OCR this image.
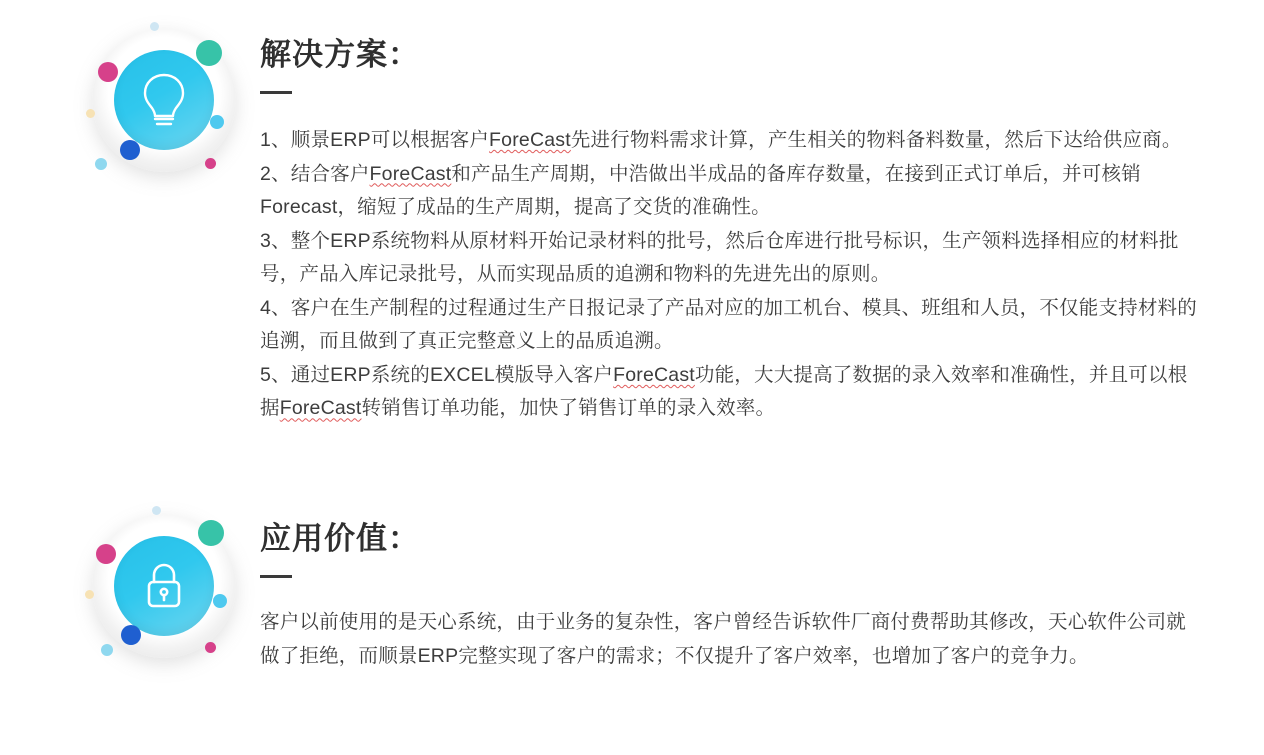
解决方案：

1、顺景ERP可以根据客户ForeCast先进行物料需求计算，产生相关的物料备料数量，然后下达给供应商。

2、结合客户ForeCast和产品生产周期，中浩做出半成品的备库存数量，在接到正式订单后，并可核销Forecast，缩短了成品的生产周期，提高了交货的准确性。

3、整个ERP系统物料从原材料开始记录材料的批号，然后仓库进行批号标识，生产领料选择相应的材料批号，产品入库记录批号，从而实现品质的追溯和物料的先进先出的原则。

4、客户在生产制程的过程通过生产日报记录了产品对应的加工机台、模具、班组和人员，不仅能支持材料的追溯，而且做到了真正完整意义上的品质追溯。

5、通过ERP系统的EXCEL模版导入客户ForeCast功能，大大提高了数据的录入效率和准确性，并且可以根据ForeCast转销售订单功能，加快了销售订单的录入效率。

应用价值：

客户以前使用的是天心系统，由于业务的复杂性，客户曾经告诉软件厂商付费帮助其修改，天心软件公司就做了拒绝，而顺景ERP完整实现了客户的需求；不仅提升了客户效率，也增加了客户的竞争力。
